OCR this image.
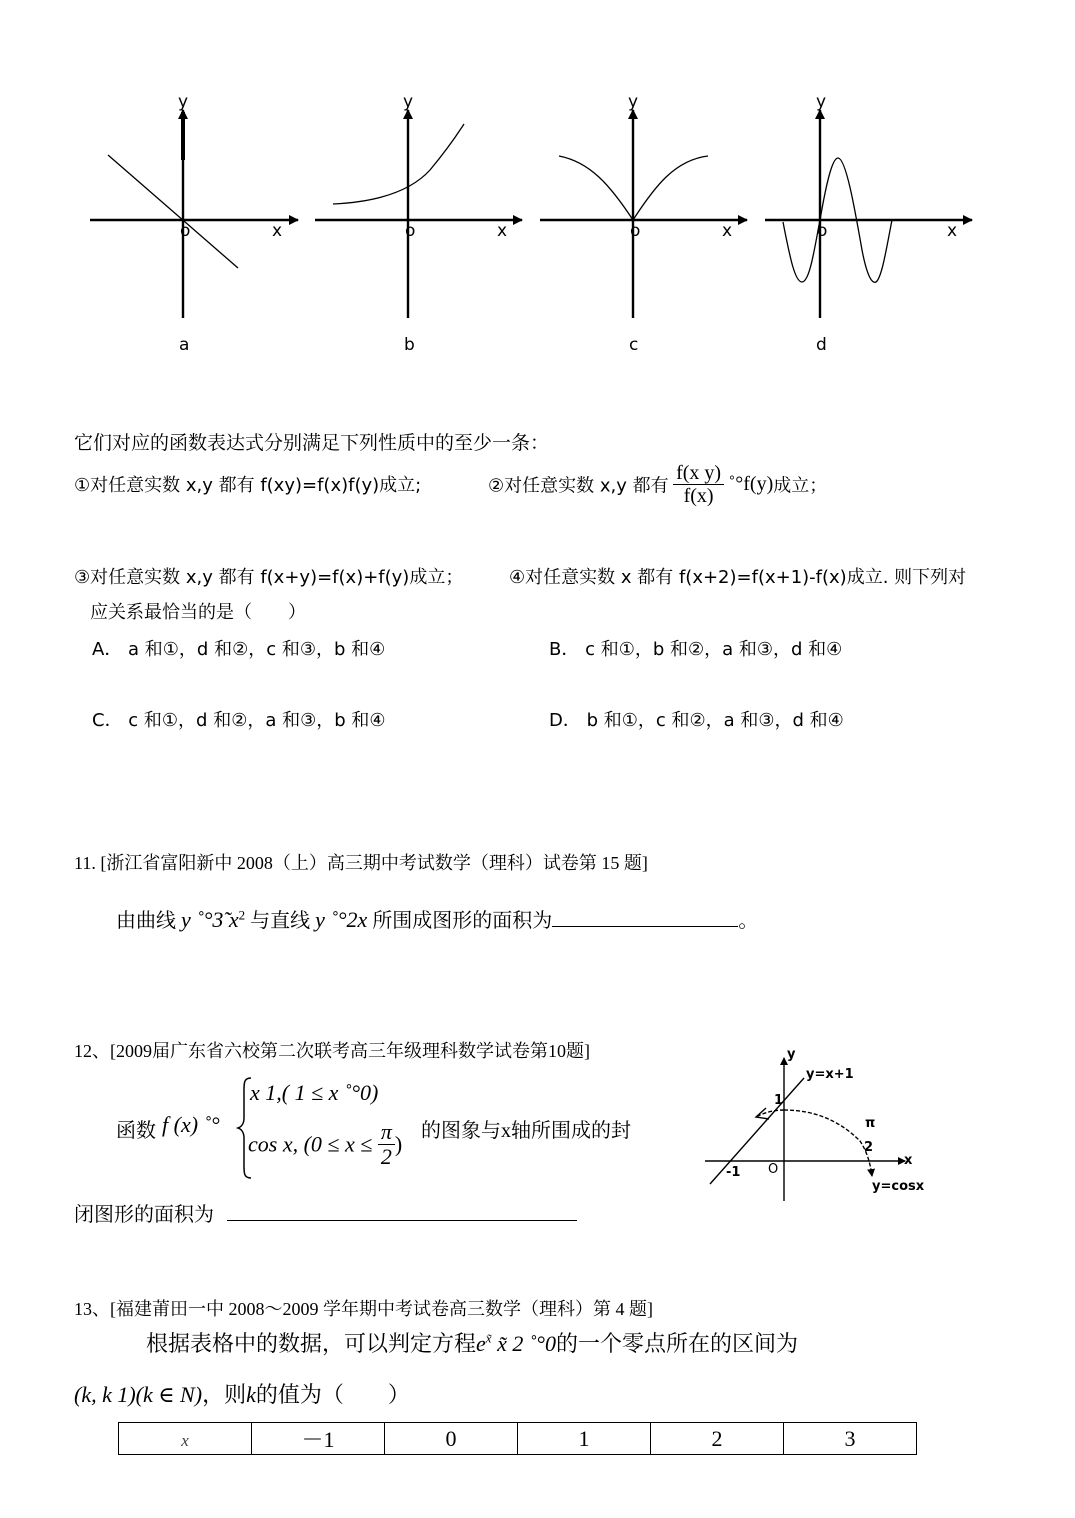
y
x
o
a
y
x
o
b
y
x
o
c
y
x
o
d
它们对应的函数表达式分别满足下列性质中的至少一条：
①对任意实数 x,y 都有 f(xy)=f(x)f(y)成立;	②对任意实数 x,y 都有 $\frac{\text{f(x y)}}{f(x)}$ ˚°f(y)成立；
③对任意实数 x,y 都有 f(x+y)=f(x)+f(y)成立；	④对任意实数 x 都有 f(x+2)=f(x+1)-f(x)成立. 则下列对
应关系最恰当的是（　　）
A． a 和①，d 和②，c 和③，b 和④	B． c 和①，b 和②，a 和③，d 和④
C． c 和①，d 和②，a 和③，b 和④	D． b 和①，c 和②，a 和③，d 和④
11. [浙江省富阳新中 2008（上）高三期中考试数学（理科）试卷第 15 题]
由曲线 y ˚°3̃ $x^2$ 与直线 y ˚°2x 所围成图形的面积为	。
12、[2009届广东省六校第二次联考高三年级理科数学试卷第10题]
函数 f (x) ˚°
x 1,( 1 ≤ x ˚°0)
cos x, ($0 \le x \le \frac{\pi}{2}$ )
的图象与x轴所围成的封
闭图形的面积为
y
y=x+1
1
π
2
x
-1 O
y=cosx
13、[福建莆田一中 2008～2009 学年期中考试卷高三数学（理科）第 4 题]
根据表格中的数据，可以判定方程$e^{x̃}$ x̃ 2 ˚°0的一个零点所在的区间为
(k, k 1)(k ∈ N)，则k的值为（　　）
x	－1	0	1	2	3
